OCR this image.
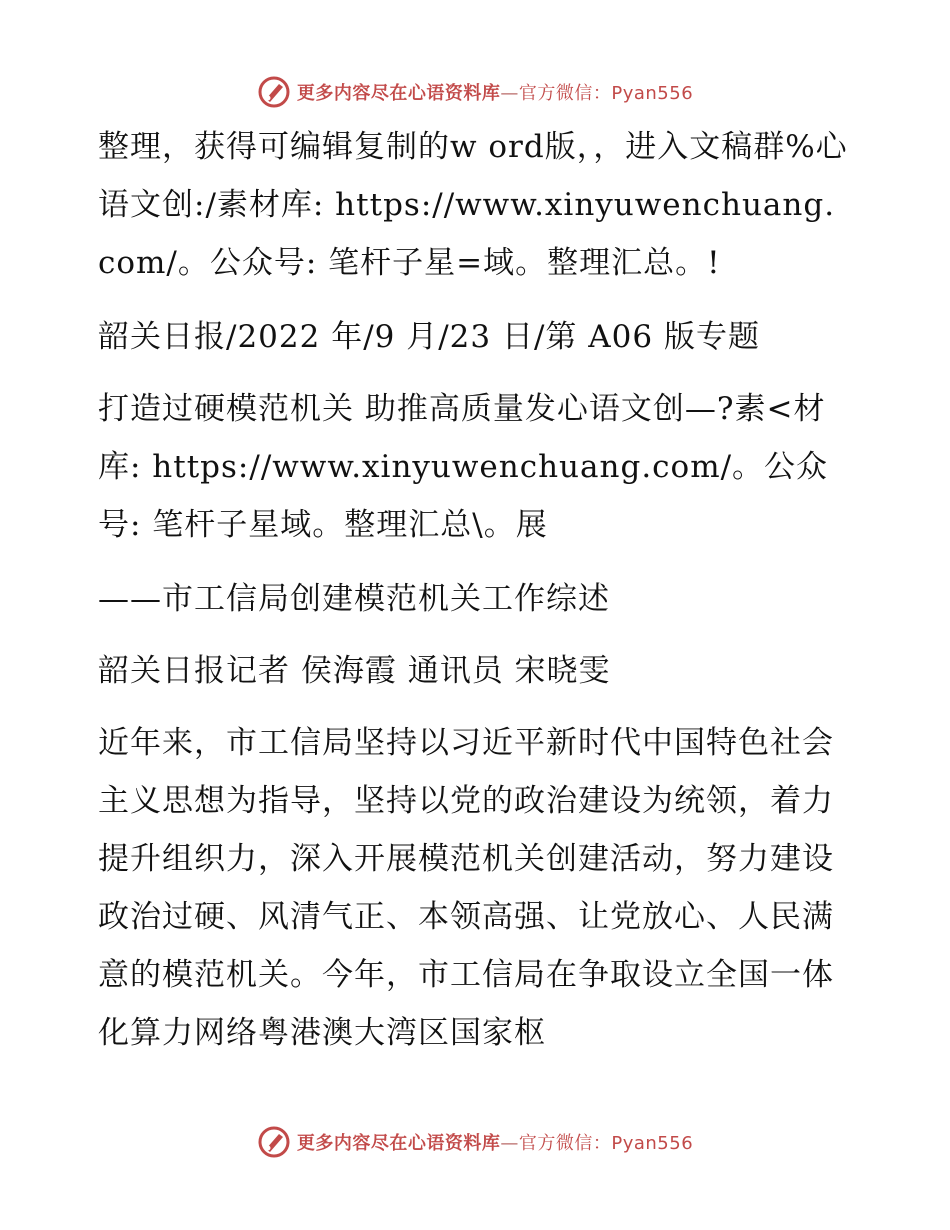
更多内容尽在心语资料库—官方微信：Pyan556

整理，获得可编辑复制的w ord版，，进入文稿群%心语文创:/素材库: https://www.xinyuwenchuang.com/。公众号: 笔杆子星=域。整理汇总。!

韶关日报/2022 年/9 月/23 日/第 A06 版专题

打造过硬模范机关 助推高质量发心语文创—?素<材库: https://www.xinyuwenchuang.com/。公众号: 笔杆子星域。整理汇总\。展

——市工信局创建模范机关工作综述

韶关日报记者 侯海霞 通讯员 宋晓雯

近年来，市工信局坚持以习近平新时代中国特色社会主义思想为指导，坚持以党的政治建设为统领，着力提升组织力，深入开展模范机关创建活动，努力建设政治过硬、风清气正、本领高强、让党放心、人民满意的模范机关。今年，市工信局在争取设立全国一体化算力网络粤港澳大湾区国家枢

更多内容尽在心语资料库—官方微信：Pyan556
